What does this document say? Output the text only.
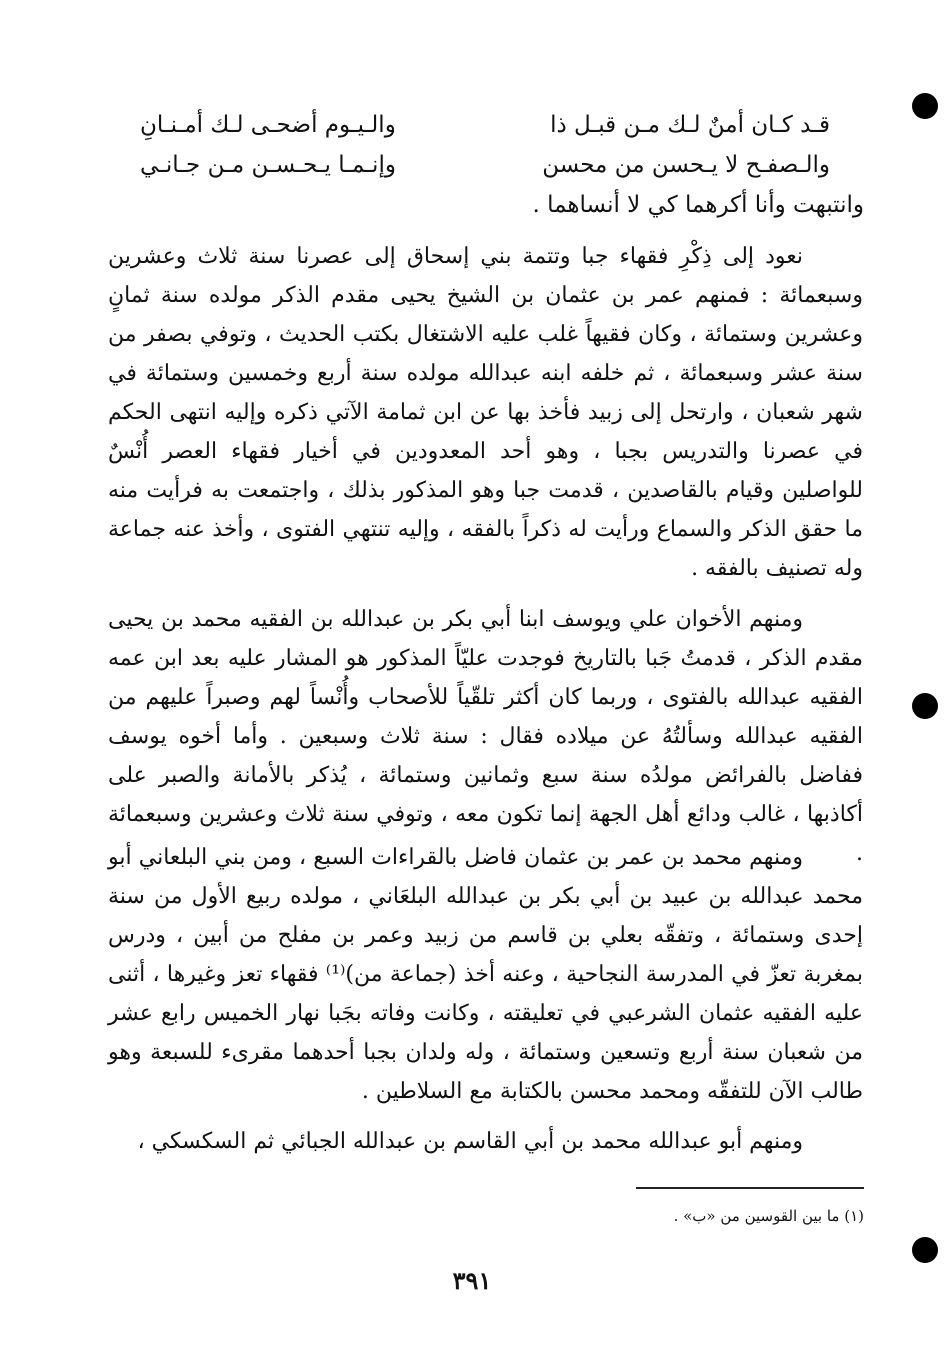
قـد كـان أمنٌ لـك مـن قبـل ذا
والـيـوم أضحـى لـك أمـنـانِ
والـصفـح لا يـحسن من محسن
وإنـمـا يـحـسـن مـن جـانـي
وانتبهت وأنا أكرهما كي لا أنساهما .
نعود إلى ذِكْرِ فقهاء جبا وتتمة بني إسحاق إلى عصرنا سنة ثلاث وعشرين وسبعمائة : فمنهم عمر بن عثمان بن الشيخ يحيى مقدم الذكر مولده سنة ثمانٍ وعشرين وستمائة ، وكان فقيهاً غلب عليه الاشتغال بكتب الحديث ، وتوفي بصفر من سنة عشر وسبعمائة ، ثم خلفه ابنه عبدالله مولده سنة أربع وخمسين وستمائة في شهر شعبان ، وارتحل إلى زبيد فأخذ بها عن ابن ثمامة الآتي ذكره وإليه انتهى الحكم في عصرنا والتدريس بجبا ، وهو أحد المعدودين في أخيار فقهاء العصر أُنْسٌ للواصلين وقيام بالقاصدين ، قدمت جبا وهو المذكور بذلك ، واجتمعت به فرأيت منه ما حقق الذكر والسماع ورأيت له ذكراً بالفقه ، وإليه تنتهي الفتوى ، وأخذ عنه جماعة وله تصنيف بالفقه .
ومنهم الأخوان علي ويوسف ابنا أبي بكر بن عبدالله بن الفقيه محمد بن يحيى مقدم الذكر ، قدمتُ جَبا بالتاريخ فوجدت عليّاً المذكور هو المشار عليه بعد ابن عمه الفقيه عبدالله بالفتوى ، وربما كان أكثر تلقّياً للأصحاب وأُنْساً لهم وصبراً عليهم من الفقيه عبدالله وسألتُهُ عن ميلاده فقال : سنة ثلاث وسبعين . وأما أخوه يوسف ففاضل بالفرائض مولدُه سنة سبع وثمانين وستمائة ، يُذكر بالأمانة والصبر على أكاذبها ، غالب ودائع أهل الجهة إنما تكون معه ، وتوفي سنة ثلاث وعشرين وسبعمائة .
ومنهم محمد بن عمر بن عثمان فاضل بالقراءات السبع ، ومن بني البلعاني أبو محمد عبدالله بن عبيد بن أبي بكر بن عبدالله البلعَاني ، مولده ربيع الأول من سنة إحدى وستمائة ، وتفقّه بعلي بن قاسم من زبيد وعمر بن مفلح من أبين ، ودرس بمغربة تعزّ في المدرسة النجاحية ، وعنه أخذ (جماعة من)⁽¹⁾ فقهاء تعز وغيرها ، أثنى عليه الفقيه عثمان الشرعبي في تعليقته ، وكانت وفاته بجَبا نهار الخميس رابع عشر من شعبان سنة أربع وتسعين وستمائة ، وله ولدان بجبا أحدهما مقرىء للسبعة وهو طالب الآن للتفقّه ومحمد محسن بالكتابة مع السلاطين .
ومنهم أبو عبدالله محمد بن أبي القاسم بن عبدالله الجبائي ثم السكسكي ،
(١) ما بين القوسين من «ب» .
٣٩١
